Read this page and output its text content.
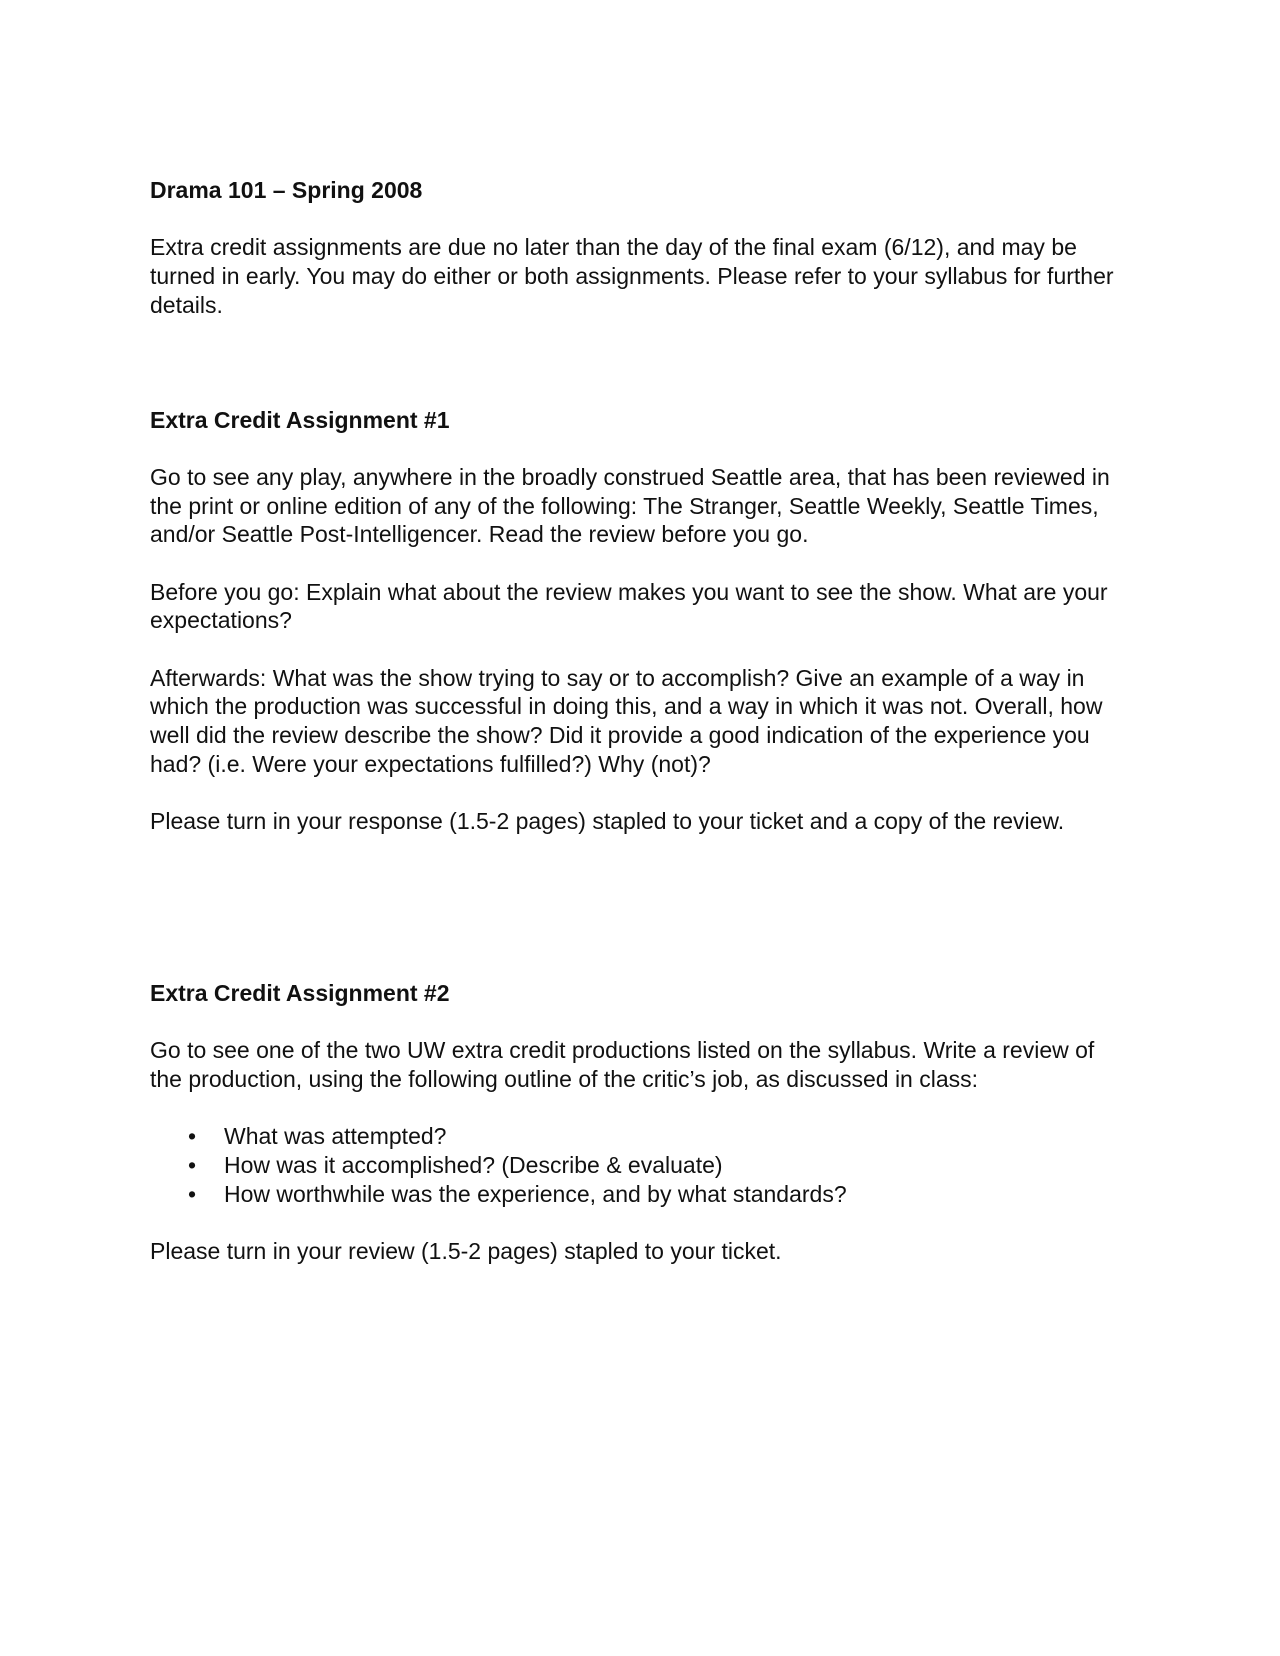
Drama 101 – Spring 2008

Extra credit assignments are due no later than the day of the final exam (6/12), and may be turned in early. You may do either or both assignments. Please refer to your syllabus for further details.

Extra Credit Assignment #1

Go to see any play, anywhere in the broadly construed Seattle area, that has been reviewed in the print or online edition of any of the following: The Stranger, Seattle Weekly, Seattle Times, and/or Seattle Post-Intelligencer. Read the review before you go.

Before you go: Explain what about the review makes you want to see the show. What are your expectations?

Afterwards: What was the show trying to say or to accomplish? Give an example of a way in which the production was successful in doing this, and a way in which it was not. Overall, how well did the review describe the show? Did it provide a good indication of the experience you had? (i.e. Were your expectations fulfilled?) Why (not)?

Please turn in your response (1.5-2 pages) stapled to your ticket and a copy of the review.

Extra Credit Assignment #2

Go to see one of the two UW extra credit productions listed on the syllabus. Write a review of the production, using the following outline of the critic’s job, as discussed in class:

• What was attempted?
• How was it accomplished? (Describe & evaluate)
• How worthwhile was the experience, and by what standards?

Please turn in your review (1.5-2 pages) stapled to your ticket.
